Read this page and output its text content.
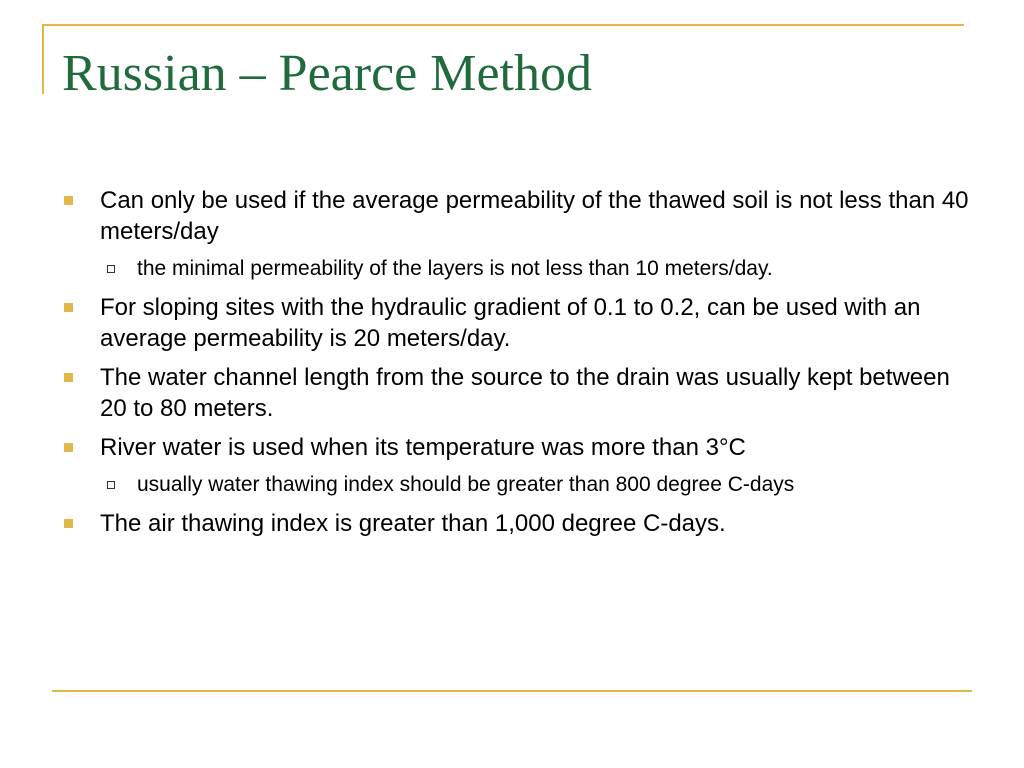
Russian – Pearce Method
Can only be used if the average permeability of the thawed soil is not less than 40 meters/day
the minimal permeability of the layers is not less than 10 meters/day.
For sloping sites with the hydraulic gradient of 0.1 to 0.2, can be used with an average permeability is 20 meters/day.
The water channel length from the source to the drain was usually kept between 20 to 80 meters.
River water is used when its temperature was more than 3°C
usually water thawing index should be greater than 800 degree C-days
The air thawing index is greater than 1,000 degree C-days.
